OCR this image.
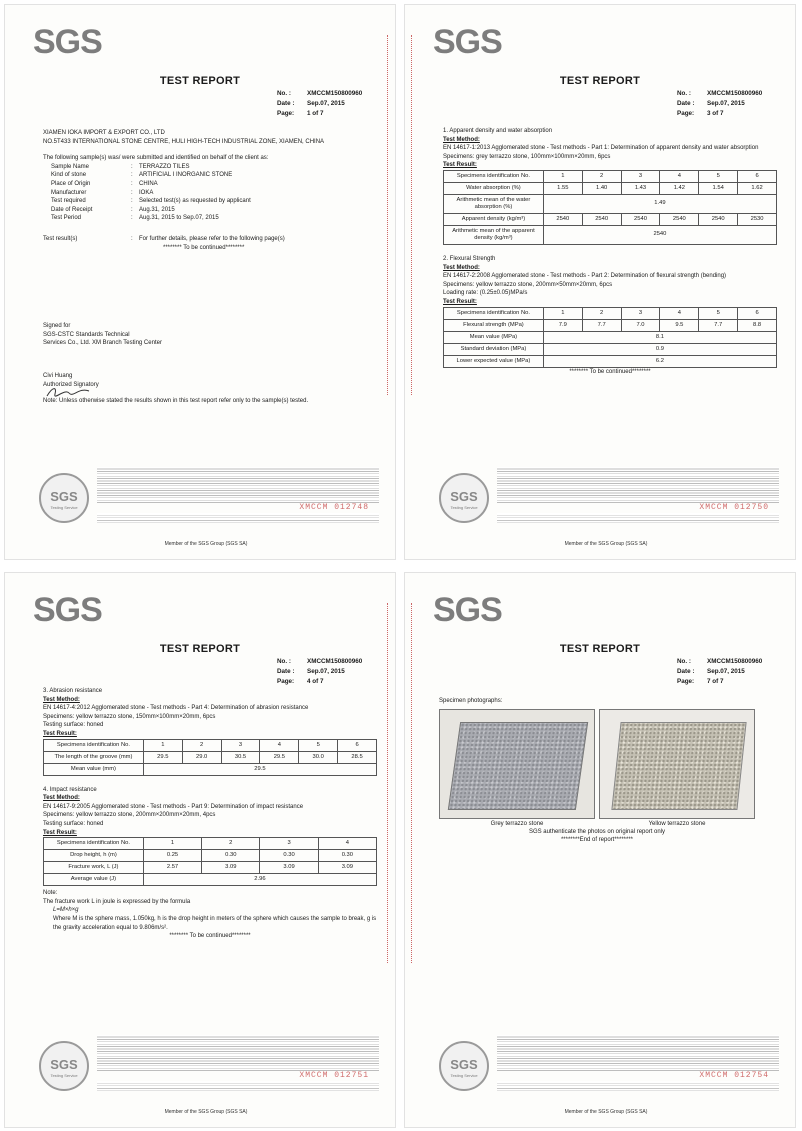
SGS
TEST REPORT
No. :	XMCCM150800960
Date : Sep.07, 2015
Page: 1 of 7
XIAMEN IOKA IMPORT & EXPORT CO., LTD
NO.5T433 INTERNATIONAL STONE CENTRE, HULI HIGH-TECH INDUSTRIAL ZONE, XIAMEN, CHINA
The following sample(s) was/ were submitted and identified on behalf of the client as:
Sample Name	:	TERRAZZO TILES
Kind of stone	:	ARTIFICIAL I INORGANIC STONE
Place of Origin	:	CHINA
Manufacturer	:	IOKA
Test required	:	Selected test(s) as requested by applicant
Date of Receipt	:	Aug.31, 2015
Test Period	:	Aug.31, 2015 to Sep.07, 2015
Test result(s)	:	For further details, please refer to the following page(s)
******** To be continued********
Signed for
SGS-CSTC Standards Technical
Services Co., Ltd. XM Branch Testing Center
Civi Huang
Authorized Signatory
Note: Unless otherwise stated the results shown in this test report refer only to the sample(s) tested.
SGS
Testing Service	XMCCM 012748
Member of the SGS Group (SGS SA)
SGS
TEST REPORT
No. :	XMCCM150800960
Date : Sep.07, 2015
Page: 3 of 7
1. Apparent density and water absorption
Test Method:
EN 14617-1:2013 Agglomerated stone - Test methods - Part 1: Determination of apparent density and water absorption
Specimens: grey terrazzo stone, 100mm×100mm×20mm, 6pcs
Test Result:
Specimens identification No.	1	2	3	4	5	6
Water absorption (%)	1.55	1.40	1.43	1.42	1.54	1.62
Arithmetic mean of the water absorption (%)	1.49					
Apparent density (kg/m³)	2540	2540	2540	2540	2540	2530
Arithmetic mean of the apparent density (kg/m³)	2540					
2. Flexural Strength
Test Method:
EN 14617-2:2008 Agglomerated stone - Test methods - Part 2: Determination of flexural strength (bending)
Specimens: yellow terrazzo stone, 200mm×50mm×20mm, 6pcs
Loading rate: (0.25±0.05)MPa/s
Test Result:
Specimens identification No.	1	2	3	4	5	6
Flexural strength (MPa)	7.9	7.7	7.0	9.5	7.7	8.8
Mean value (MPa)	8.1					
Standard deviation (MPa)	0.9					
Lower expected value (MPa)	6.2					
******** To be continued********
SGS
Testing Service	XMCCM 012750
Member of the SGS Group (SGS SA)
SGS
TEST REPORT
No. :	XMCCM150800960
Date : Sep.07, 2015
Page: 4 of 7
3. Abrasion resistance
Test Method:
EN 14617-4:2012 Agglomerated stone - Test methods - Part 4: Determination of abrasion resistance
Specimens: yellow terrazzo stone, 150mm×100mm×20mm, 6pcs
Testing surface: honed
Test Result:
Specimens identification No.	1	2	3	4	5	6
The length of the groove (mm)	29.5	29.0	30.5	29.5	30.0	28.5
Mean value (mm)	29.5					
4. Impact resistance
Test Method:
EN 14617-9:2005 Agglomerated stone - Test methods - Part 9: Determination of impact resistance
Specimens: yellow terrazzo stone, 200mm×200mm×20mm, 4pcs
Testing surface: honed
Test Result:
Specimens identification No.	1	2	3	4
Drop height, h (m)	0.25	0.30	0.30	0.30
Fracture work, L (J)	2.57	3.09	3.09	3.09
Average value (J)	2.96			
Note:
The fracture work L in joule is expressed by the formula
L=M×h×g
Where M is the sphere mass, 1.050kg, h is the drop height in meters of the sphere which causes the sample to break, g is the gravity acceleration equal to 9.806m/s².
******** To be continued********
SGS
Testing Service	XMCCM 012751
Member of the SGS Group (SGS SA)
SGS
TEST REPORT
No. :	XMCCM150800960
Date : Sep.07, 2015
Page: 7 of 7
Specimen photographs:
Grey terrazzo stone	Yellow terrazzo stone
SGS authenticate the photos on original report only
********End of report********
SGS
Testing Service	XMCCM 012754
Member of the SGS Group (SGS SA)
